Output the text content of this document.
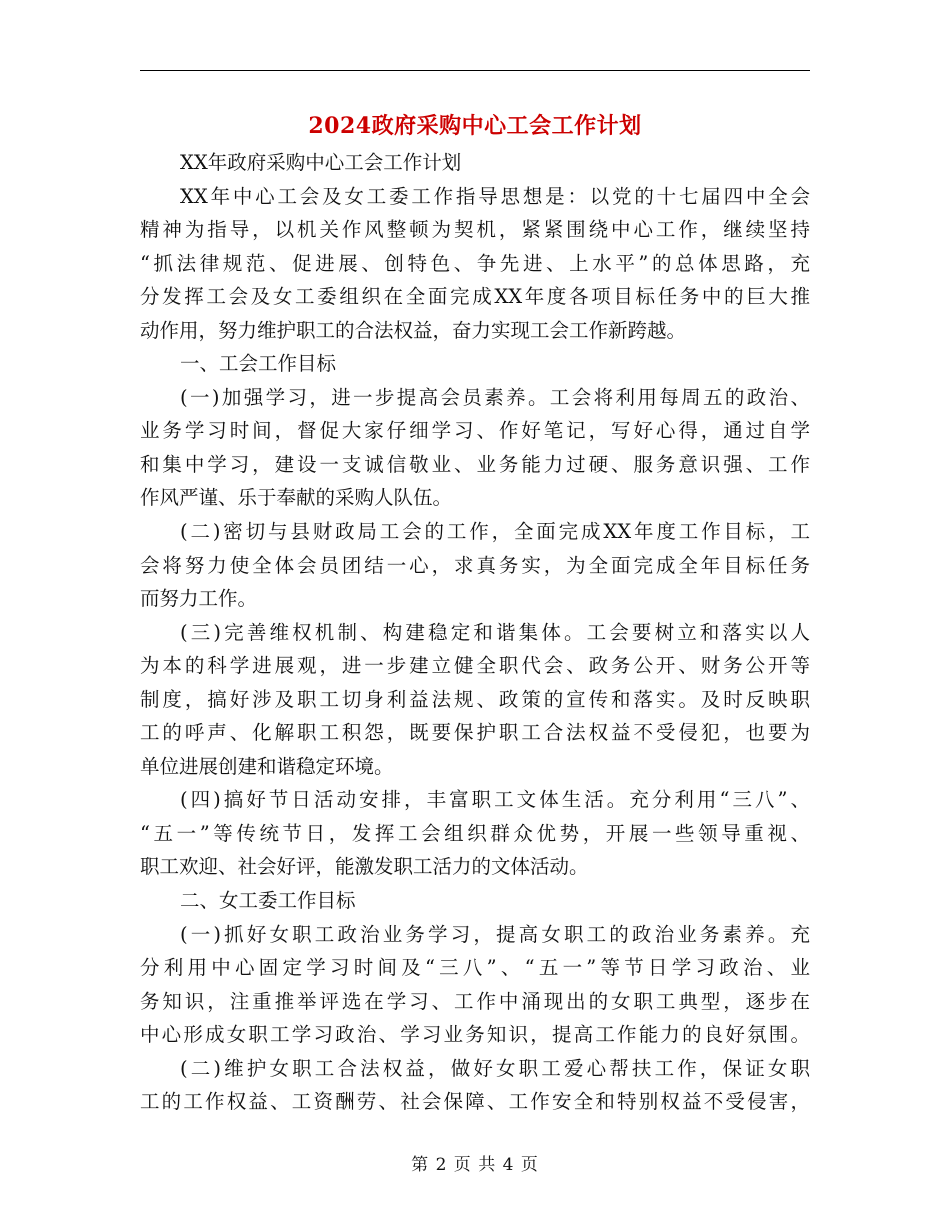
2024政府采购中心工会工作计划
XX年政府采购中心工会工作计划
XX年中心工会及女工委工作指导思想是：以党的十七届四中全会
精神为指导，以机关作风整顿为契机，紧紧围绕中心工作，继续坚持
“抓法律规范、促进展、创特色、争先进、上水平”的总体思路，充
分发挥工会及女工委组织在全面完成XX年度各项目标任务中的巨大推
动作用，努力维护职工的合法权益，奋力实现工会工作新跨越。
一、工会工作目标
(一)加强学习，进一步提高会员素养。工会将利用每周五的政治、
业务学习时间，督促大家仔细学习、作好笔记，写好心得，通过自学
和集中学习，建设一支诚信敬业、业务能力过硬、服务意识强、工作
作风严谨、乐于奉献的采购人队伍。
(二)密切与县财政局工会的工作，全面完成XX年度工作目标，工
会将努力使全体会员团结一心，求真务实，为全面完成全年目标任务
而努力工作。
(三)完善维权机制、构建稳定和谐集体。工会要树立和落实以人
为本的科学进展观，进一步建立健全职代会、政务公开、财务公开等
制度，搞好涉及职工切身利益法规、政策的宣传和落实。及时反映职
工的呼声、化解职工积怨，既要保护职工合法权益不受侵犯，也要为
单位进展创建和谐稳定环境。
(四)搞好节日活动安排，丰富职工文体生活。充分利用“三八”、
“五一”等传统节日，发挥工会组织群众优势，开展一些领导重视、
职工欢迎、社会好评，能激发职工活力的文体活动。
二、女工委工作目标
(一)抓好女职工政治业务学习，提高女职工的政治业务素养。充
分利用中心固定学习时间及“三八”、“五一”等节日学习政治、业
务知识，注重推举评选在学习、工作中涌现出的女职工典型，逐步在
中心形成女职工学习政治、学习业务知识，提高工作能力的良好氛围。
(二)维护女职工合法权益，做好女职工爱心帮扶工作，保证女职
工的工作权益、工资酬劳、社会保障、工作安全和特别权益不受侵害，
第 2 页 共 4 页
